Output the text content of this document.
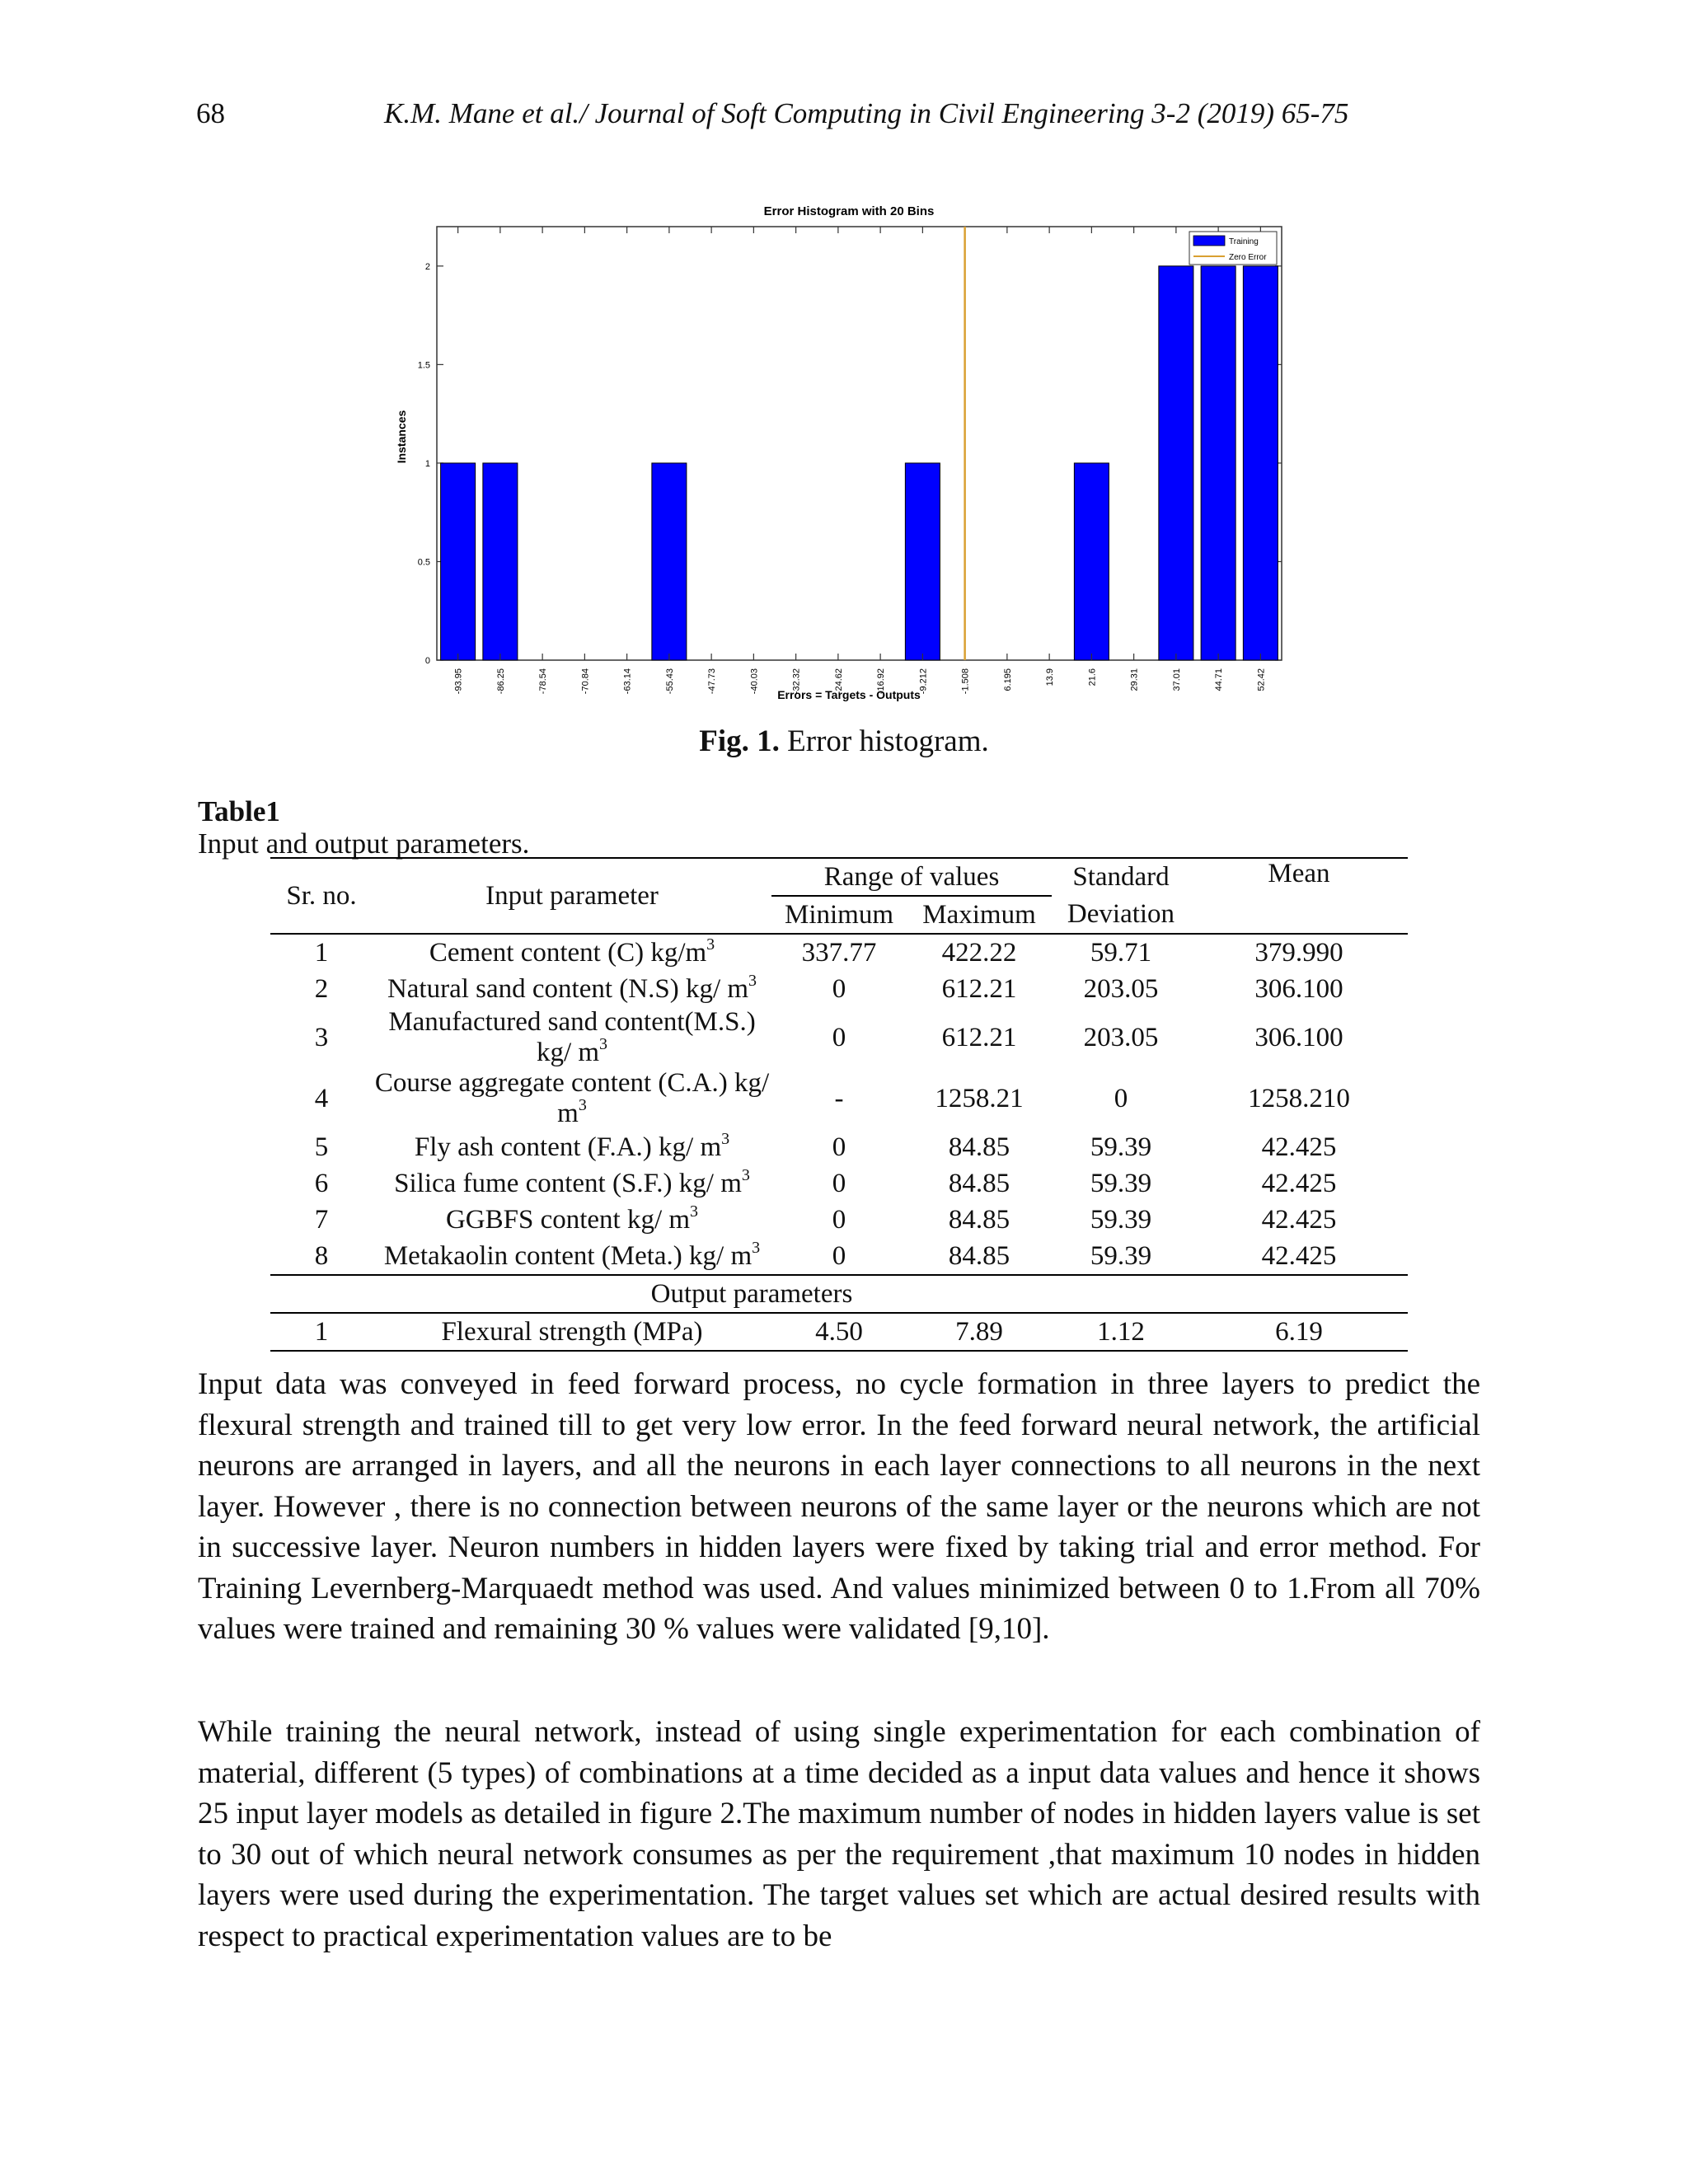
68	K.M. Mane et al./ Journal of Soft Computing in Civil Engineering 3-2 (2019) 65-75
Error Histogram with 20 Bins
0
0.5
1
1.5
2
-93.95	-86.25	-78.54	-70.84	-63.14	-55.43	-47.73	-40.03	-32.32	-24.62	-16.92	-9.212	-1.508	6.195	13.9	21.6	29.31	37.01	44.71	52.42
Training
Zero Error
Instances
Errors = Targets - Outputs
Fig. 1. Error histogram.
Table1
Input and output parameters.
Sr. no.	Input parameter	Range of values		Standard	Mean
		Minimum	Maximum	Deviation	
1	Cement content (C) $kg/m^3$	337.77	422.22	59.71	379.990
2	Natural sand content (N.S) kg/ $m^3$	0	612.21	203.05	306.100
3	Manufactured sand content(M.S.) kg/ $m^3$	0	612.21	203.05	306.100
4	Course aggregate content (C.A.) kg/ $m^3$	-	1258.21	0	1258.210
5	Fly ash content (F.A.) kg/ $m^3$	0	84.85	59.39	42.425
6	Silica fume content (S.F.) kg/ $m^3$	0	84.85	59.39	42.425
7	GGBFS content kg/ $m^3$	0	84.85	59.39	42.425
8	Metakaolin content (Meta.) kg/ $m^3$	0	84.85	59.39	42.425
Output parameters					
1	Flexural strength (MPa)	4.50	7.89	1.12	6.19

Input data was conveyed in feed forward process, no cycle formation in three layers to predict the flexural strength and trained till to get very low error. In the feed forward neural network, the artificial neurons are arranged in layers, and all the neurons in each layer connections to all neurons in the next layer. However , there is no connection between neurons of the same layer or the neurons which are not in successive layer. Neuron numbers in hidden layers were fixed by taking trial and error method. For Training Levernberg-Marquaedt method was used. And values minimized between 0 to 1.From all 70% values were trained and remaining 30 % values were validated [9,10].

While training the neural network, instead of using single experimentation for each combination of material, different (5 types) of combinations at a time decided as a input data values and hence it shows 25 input layer models as detailed in figure 2.The maximum number of nodes in hidden layers value is set to 30 out of which neural network consumes as per the requirement ,that maximum 10 nodes in hidden layers were used during the experimentation. The target values set which are actual desired results with respect to practical experimentation values are to be
